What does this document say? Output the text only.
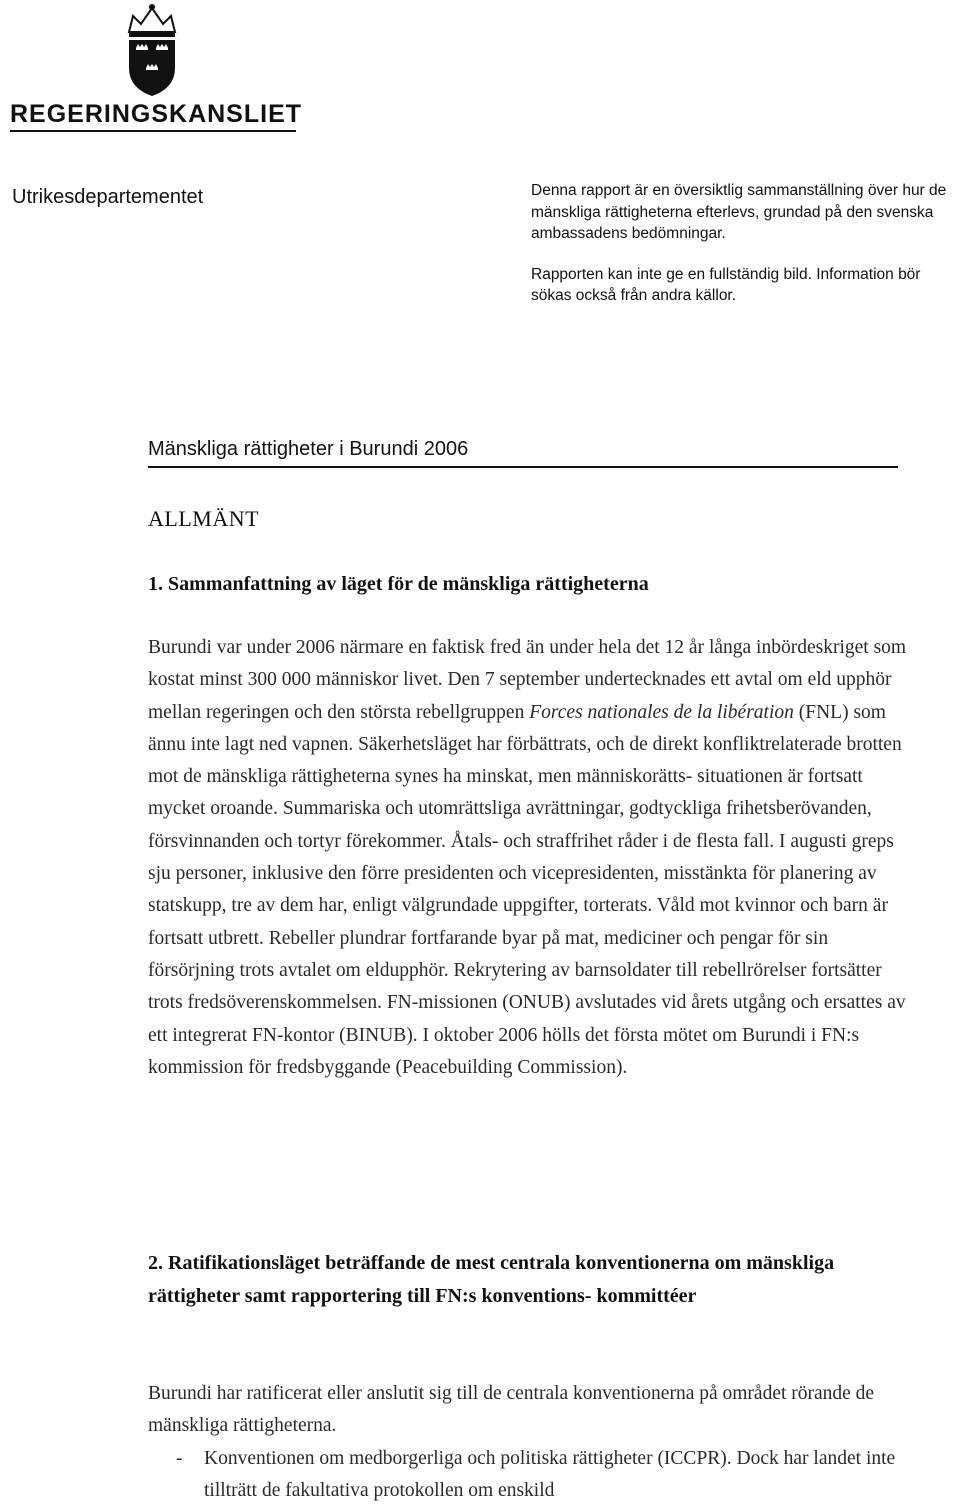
REGERINGSKANSLIET
Utrikesdepartementet	Denna rapport är en översiktlig sammanställning över hur de mänskliga rättigheterna efterlevs, grundad på den svenska ambassadens bedömningar.

Rapporten kan inte ge en fullständig bild. Information bör sökas också från andra källor.

Mänskliga rättigheter i Burundi 2006
ALLMÄNT
1. Sammanfattning av läget för de mänskliga rättigheterna

Burundi var under 2006 närmare en faktisk fred än under hela det 12 år långa inbördeskriget som kostat minst 300 000 människor livet. Den 7 september undertecknades ett avtal om eld upphör mellan regeringen och den största rebellgruppen Forces nationales de la libération (FNL) som ännu inte lagt ned vapnen. Säkerhetsläget har förbättrats, och de direkt konfliktrelaterade brotten mot de mänskliga rättigheterna synes ha minskat, men människorätts- situationen är fortsatt mycket oroande. Summariska och utomrättsliga avrättningar, godtyckliga frihetsberövanden, försvinnanden och tortyr förekommer. Åtals- och straffrihet råder i de flesta fall. I augusti greps sju personer, inklusive den förre presidenten och vicepresidenten, misstänkta för planering av statskupp, tre av dem har, enligt välgrundade uppgifter, torterats. Våld mot kvinnor och barn är fortsatt utbrett. Rebeller plundrar fortfarande byar på mat, mediciner och pengar för sin försörjning trots avtalet om eldupphör. Rekrytering av barnsoldater till rebellrörelser fortsätter trots fredsöverenskommelsen. FN-missionen (ONUB) avslutades vid årets utgång och ersattes av ett integrerat FN-kontor (BINUB). I oktober 2006 hölls det första mötet om Burundi i FN:s kommission för fredsbyggande (Peacebuilding Commission).

2. Ratifikationsläget beträffande de mest centrala konventionerna om mänskliga rättigheter samt rapportering till FN:s konventions- kommittéer

Burundi har ratificerat eller anslutit sig till de centrala konventionerna på området rörande de mänskliga rättigheterna.

-	Konventionen om medborgerliga och politiska rättigheter (ICCPR). Dock har landet inte tillträtt de fakultativa protokollen om enskild
